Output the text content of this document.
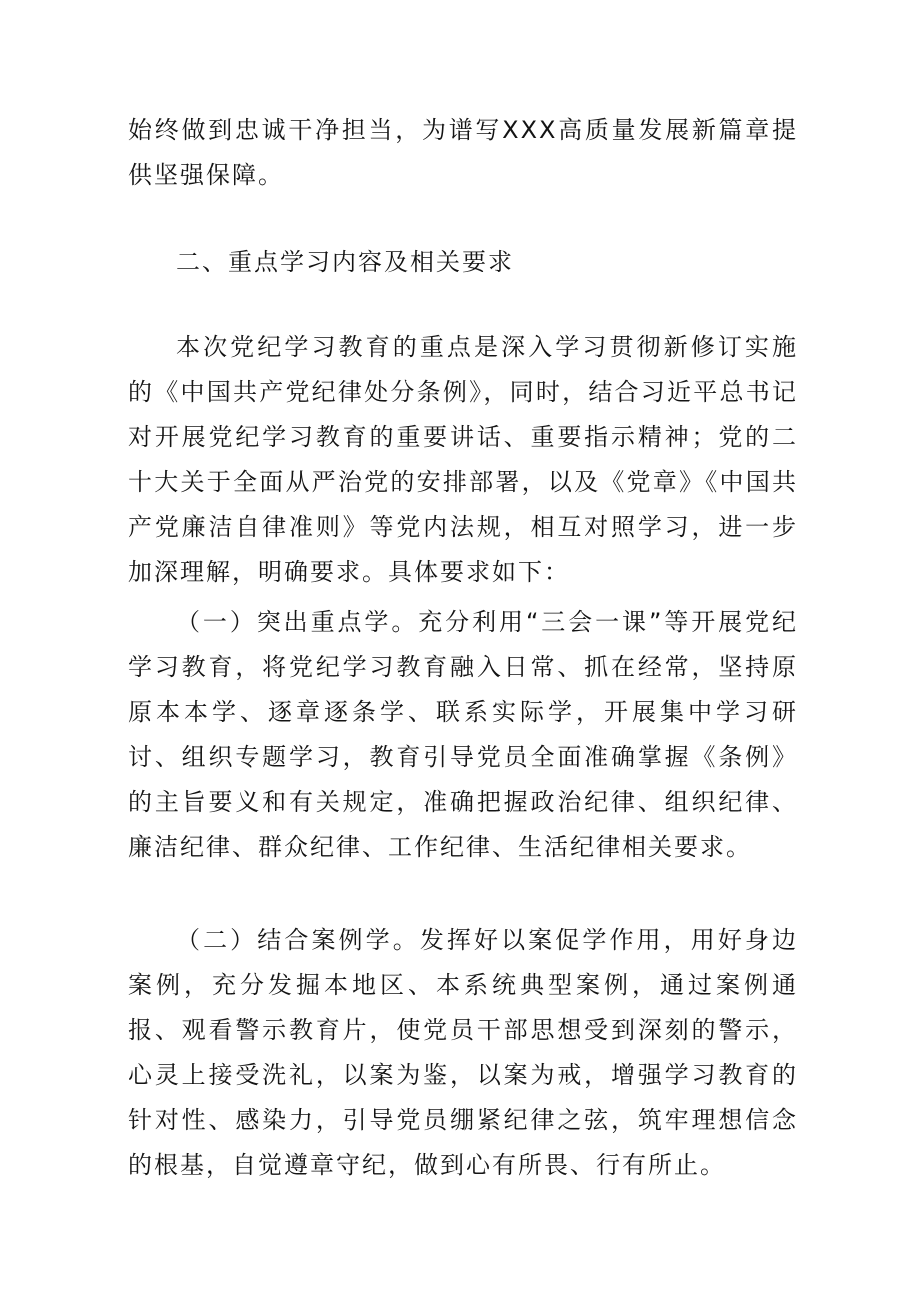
始终做到忠诚干净担当，为谱写XXX高质量发展新篇章提供坚强保障。

二、重点学习内容及相关要求

本次党纪学习教育的重点是深入学习贯彻新修订实施的《中国共产党纪律处分条例》，同时，结合习近平总书记对开展党纪学习教育的重要讲话、重要指示精神；党的二十大关于全面从严治党的安排部署，以及《党章》《中国共产党廉洁自律准则》等党内法规，相互对照学习，进一步加深理解，明确要求。具体要求如下：

（一）突出重点学。充分利用“三会一课”等开展党纪学习教育，将党纪学习教育融入日常、抓在经常，坚持原原本本学、逐章逐条学、联系实际学，开展集中学习研讨、组织专题学习，教育引导党员全面准确掌握《条例》的主旨要义和有关规定，准确把握政治纪律、组织纪律、廉洁纪律、群众纪律、工作纪律、生活纪律相关要求。

（二）结合案例学。发挥好以案促学作用，用好身边案例，充分发掘本地区、本系统典型案例，通过案例通报、观看警示教育片，使党员干部思想受到深刻的警示，心灵上接受洗礼，以案为鉴，以案为戒，增强学习教育的针对性、感染力，引导党员绷紧纪律之弦，筑牢理想信念的根基，自觉遵章守纪，做到心有所畏、行有所止。
